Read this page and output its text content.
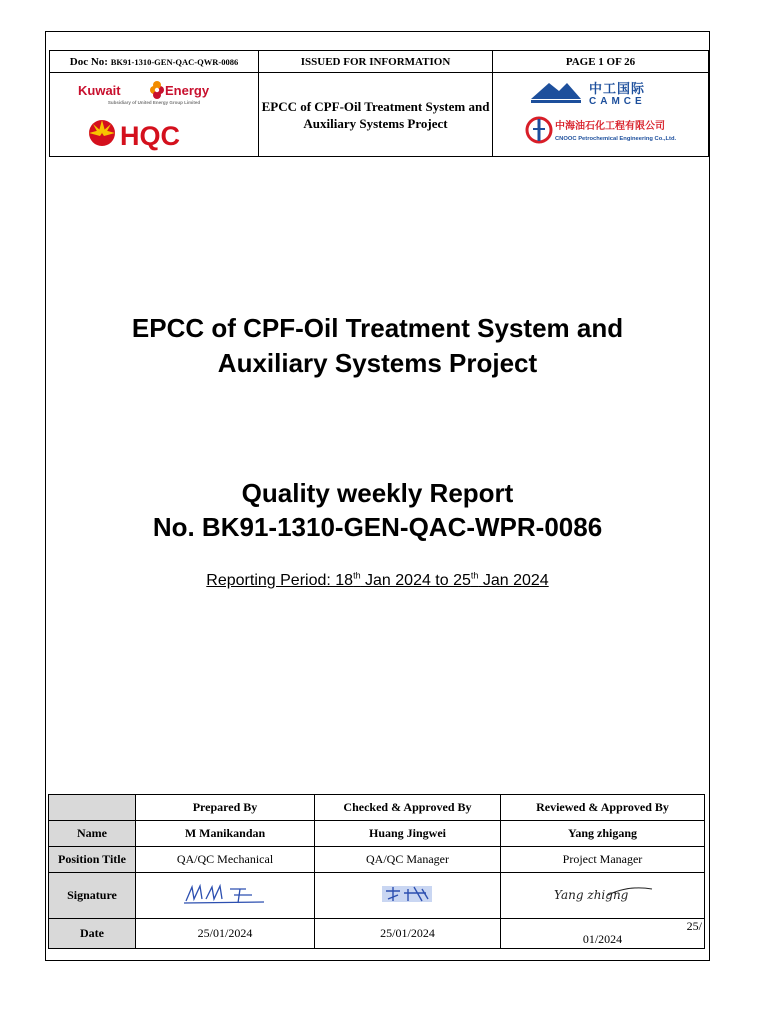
Doc No: BK91-1310-GEN-QAC-QWR-0086	ISSUED FOR INFORMATION	PAGE 1 OF 26

Kuwait Energy
Subsidiary of United Energy Group Limited
HQC	EPCC of CPF-Oil Treatment System and Auxiliary Systems Project	中工国际
CAMCE
中海油石化工程有限公司
CNOOC Petrochemical Engineering Co.,Ltd.
EPCC of CPF-Oil Treatment System and
Auxiliary Systems Project
Quality weekly Report
No. BK91-1310-GEN-QAC-WPR-0086
Reporting Period: 18th Jan 2024 to 25th Jan 2024
	Prepared By	Checked & Approved By	Reviewed & Approved By
Name	M Manikandan	Huang Jingwei	Yang zhigang
Position Title	QA/QC Mechanical	QA/QC Manager	Project Manager
Signature			Yang zhigng

Date	25/01/2024	25/01/2024	25/
01/2024
